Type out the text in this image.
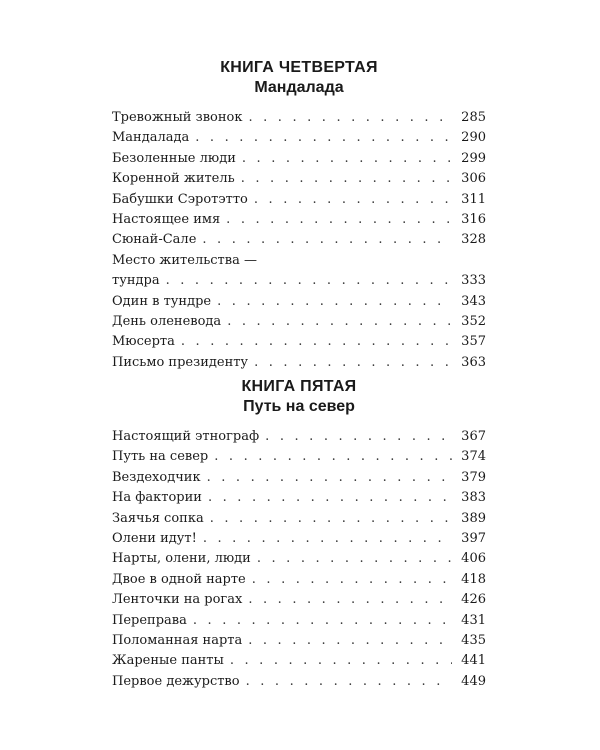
КНИГА ЧЕТВЕРТАЯ
Мандалада
Тревожный звонок . . .	285
Мандалада . . .	290
Безоленные люди . . .	299
Коренной житель . . .	306
Бабушки Сэротэтто . . .	311
Настоящее имя . . .	316
Сюнай-Сале . . .	328
Место жительства —
тундра . . .	333
Один в тундре . . .	343
День оленевода . . .	352
Мюсерта . . .	357
Письмо президенту . . .	363
КНИГА ПЯТАЯ
Путь на север
Настоящий этнограф . . .	367
Путь на север . . .	374
Вездеходчик . . .	379
На фактории . . .	383
Заячья сопка . . .	389
Олени идут! . . .	397
Нарты, олени, люди . . .	406
Двое в одной нарте . . .	418
Ленточки на рогах . . .	426
Переправа . . .	431
Поломанная нарта . . .	435
Жареные панты . . .	441
Первое дежурство . . .	449
